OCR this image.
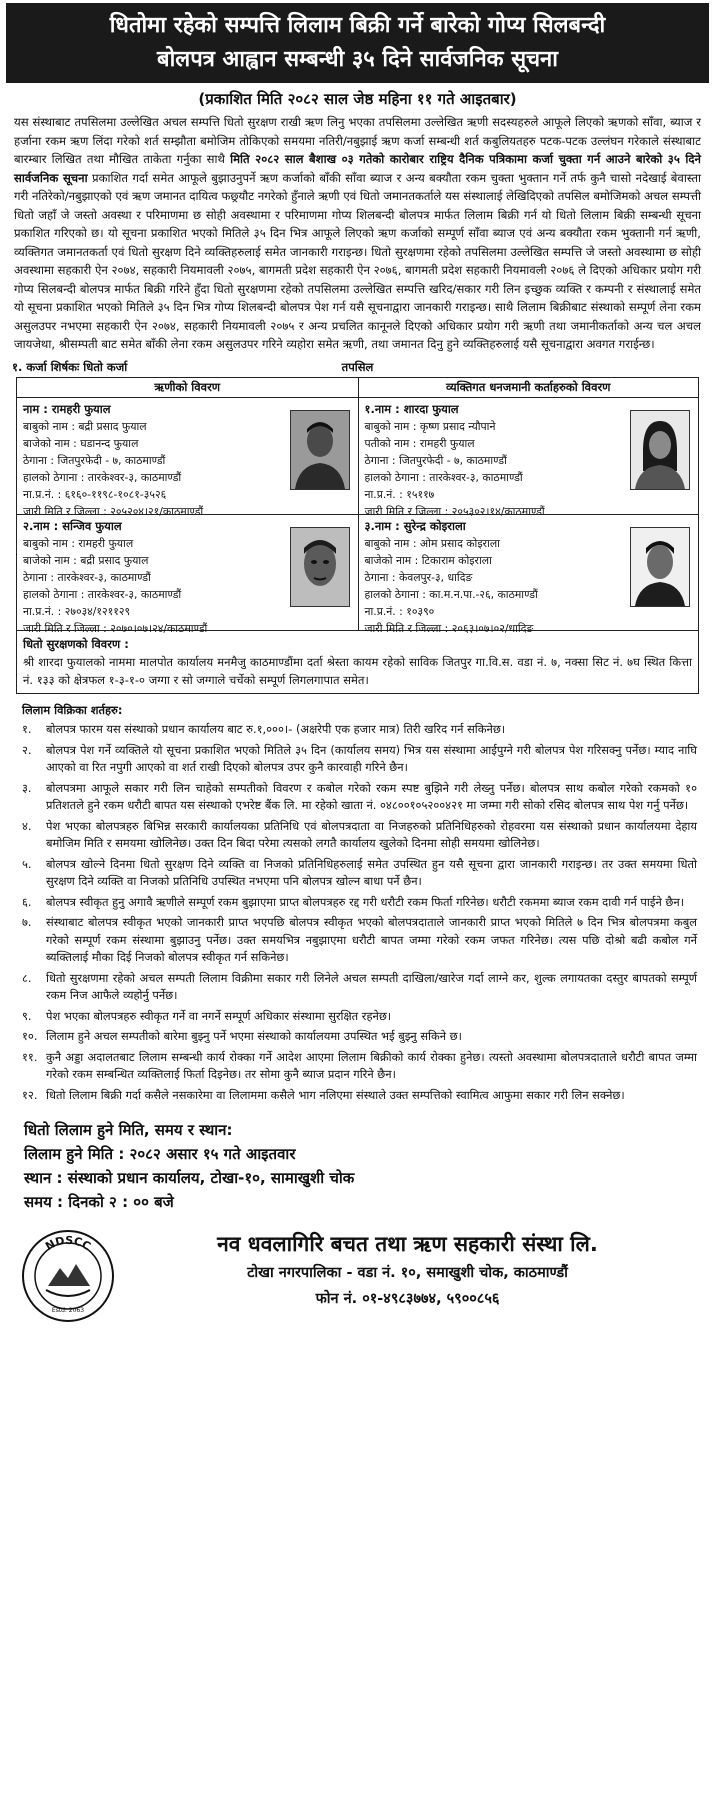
धितोमा रहेको सम्पत्ति लिलाम बिक्री गर्ने बारेको गोप्य सिलबन्दी
बोलपत्र आह्वान सम्बन्धी ३५ दिने सार्वजनिक सूचना
(प्रकाशित मिति २०८२ साल जेष्ठ महिना ११ गते आइतबार)
यस संस्थाबाट तपसिलमा उल्लेखित अचल सम्पत्ति धितो सुरक्षण राखी ऋण लिनु भएका तपसिलमा उल्लेखित ऋणी सदस्यहरुले आफूले लिएको ऋणको साँवा, ब्याज र हर्जाना रकम ऋण लिंदा गरेको शर्त सम्झौता बमोजिम तोकिएको समयमा नतिरी/नबुझाई ऋण कर्जा सम्बन्धी शर्त कबुलियतहरु पटक-पटक उल्लंघन गरेकाले संस्थाबाट बारम्बार लिखित तथा मौखित ताकेता गर्नुका साथै मिति २०८२ साल बैशाख ०३ गतेको कारोबार राष्ट्रिय दैनिक पत्रिकामा कर्जा चुक्ता गर्न आउने बारेको ३५ दिने सार्वजनिक सूचना प्रकाशित गर्दा समेत आफूले बुझाउनुपर्ने ऋण कर्जाको बाँकी साँवा ब्याज र अन्य बक्यौता रकम चुक्ता भुक्तान गर्ने तर्फ कुनै चासो नदेखाई बेवास्ता गरी नतिरेको/नबुझाएको एवं ऋण जमानत दायित्व फछ्र्यौट नगरेको हुँनाले ऋणी एवं धितो जमानतकर्ताले यस संस्थालाई लेखिदिएको तपसिल बमोजिमको अचल सम्पत्ती धितो जहाँ जे जस्तो अवस्था र परिमाणमा छ सोही अवस्थामा र परिमाणमा गोप्य शिलबन्दी बोलपत्र मार्फत लिलाम बिक्री गर्न यो धितो लिलाम बिक्री सम्बन्धी सूचना प्रकाशित गरिएको छ। यो सूचना प्रकाशित भएको मितिले ३५ दिन भित्र आफूले लिएको ऋण कर्जाको सम्पूर्ण साँवा ब्याज एवं अन्य बक्यौता रकम भुक्तानी गर्न ऋणी, व्यक्तिगत जमानतकर्ता एवं धितो सुरक्षण दिने व्यक्तिहरुलाई समेत जानकारी गराइन्छ। धितो सुरक्षणमा रहेको तपसिलमा उल्लेखित सम्पत्ति जे जस्तो अवस्थामा छ सोही अवस्थामा सहकारी ऐन २०७४, सहकारी नियमावली २०७५, बागमती प्रदेश सहकारी ऐन २०७६, बागमती प्रदेश सहकारी नियमावली २०७६ ले दिएको अधिकार प्रयोग गरी गोप्य सिलबन्दी बोलपत्र मार्फत बिक्री गरिने हुँदा धितो सुरक्षणमा रहेको तपसिलमा उल्लेखित सम्पत्ति खरिद/सकार गरी लिन इच्छुक व्यक्ति र कम्पनी र संस्थालाई समेत यो सूचना प्रकाशित भएको मितिले ३५ दिन भित्र गोप्य शिलबन्दी बोलपत्र पेश गर्न यसै सूचनाद्वारा जानकारी गराइन्छ। साथै लिलाम बिक्रीबाट संस्थाको सम्पूर्ण लेना रकम असुलउपर नभएमा सहकारी ऐन २०७४, सहकारी नियमावली २०७५ र अन्य प्रचलित कानूनले दिएको अधिकार प्रयोग गरी ऋणी तथा जमानीकर्ताको अन्य चल अचल जायजेथा, श्रीसम्पती बाट समेत बाँकी लेना रकम असुलउपर गरिने व्यहोरा समेत ऋणी, तथा जमानत दिनु हुने व्यक्तिहरुलाई यसै सूचनाद्वारा अवगत गराईन्छ।
१. कर्जा शिर्षकः धितो कर्जा	तपसिल
ऋणीको विवरण	व्यक्तिगत धनजमानी कर्ताहरुको विवरण
नाम : रामहरी फुयाल
बाबुको नाम : बद्री प्रसाद फुयाल
बाजेको नाम : घडानन्द फुयाल
ठेगाना : जितपुरफेदी - ७, काठमाण्डौं
हालको ठेगाना : तारकेश्वर-३, काठमाण्डौं
ना.प्र.नं. : ६१६०-११९८-१०८१-३५२६
जारी मिति र जिल्ला : २०५२०४।२१/काठमाण्डौं
१.नाम : शारदा फुयाल
बाबुको नाम : कृष्ण प्रसाद न्यौपाने
पतीको नाम : रामहरी फुयाल
ठेगाना : जितपुरफेदी - ७, काठमाण्डौं
हालको ठेगाना : तारकेश्वर-३, काठमाण्डौं
ना.प्र.नं. : १५११७
जारी मिति र जिल्ला : २०५३०२।१४/काठमाण्डौं
२.नाम : सन्जिव फुयाल
बाबुको नाम : रामहरी फुयाल
बाजेको नाम : बद्री प्रसाद फुयाल
ठेगाना : तारकेश्वर-३, काठमाण्डौं
हालको ठेगाना : तारकेश्वर-३, काठमाण्डौं
ना.प्र.नं. : २७०३४/१२११२९
जारी मिति र जिल्ला : २०७०।०७।२४/काठमाण्डौं
३.नाम : सुरेन्द्र कोइराला
बाबुको नाम : ओम प्रसाद कोइराला
बाजेको नाम : टिकाराम कोइराला
ठेगाना : केवलपुर-३, धादिङ
हालको ठेगाना : का.म.न.पा.-२६, काठमाण्डौं
ना.प्र.नं. : १०३९०
जारी मिति र जिल्ला : २०६३।०७।०२/धादिङ
धितो सुरक्षणको विवरण :
श्री शारदा फुयालको नाममा मालपोत कार्यालय मनमैजु काठमाण्डौंमा दर्ता श्रेस्ता कायम रहेको साविक जितपुर गा.वि.स. वडा नं. ७, नक्सा सिट नं. ७घ स्थित कित्ता नं. १३३ को क्षेत्रफल १-३-१-० जग्गा र सो जग्गाले चर्चेको सम्पूर्ण लिगलगापात समेत।
लिलाम विक्रिका शर्तहरु:
१.	बोलपत्र फारम यस संस्थाको प्रधान कार्यालय बाट रु.१,०००।- (अक्षरेपी एक हजार मात्र) तिरी खरिद गर्न सकिनेछ।
२.	बोलपत्र पेश गर्ने व्यक्तिले यो सूचना प्रकाशित भएको मितिले ३५ दिन (कार्यालय समय) भित्र यस संस्थामा आईपुग्ने गरी बोलपत्र पेश गरिसक्नु पर्नेछ। म्याद नाघि आएको वा रित नपुगी आएको वा शर्त राखी दिएको बोलपत्र उपर कुनै कारवाही गरिने छैन।
३.	बोलपत्रमा आफूले सकार गरी लिन चाहेको सम्पतीको विवरण र कबोल गरेको रकम स्पष्ट बुझिने गरी लेख्नु पर्नेछ। बोलपत्र साथ कबोल गरेको रकमको १० प्रतिशतले हुने रकम धरौटी बापत यस संस्थाको एभरेष्ट बैंक लि. मा रहेको खाता नं. ०४८००१०५२००४२१ मा जम्मा गरी सोको रसिद बोलपत्र साथ पेश गर्नु पर्नेछ।
४.	पेश भएका बोलपत्रहरु बिभिन्न सरकारी कार्यालयका प्रतिनिधि एवं बोलपत्रदाता वा निजहरुको प्रतिनिधिहरुको रोहवरमा यस संस्थाको प्रधान कार्यालयमा देहाय बमोजिम मिति र समयमा खोलिनेछ। उक्त दिन बिदा परेमा त्यसको लगतै कार्यालय खुलेको दिनमा सोही समयमा खोलिनेछ।
५.	बोलपत्र खोल्ने दिनमा धितो सुरक्षण दिने व्यक्ति वा निजको प्रतिनिधिहरुलाई समेत उपस्थित हुन यसै सूचना द्वारा जानकारी गराइन्छ। तर उक्त समयमा धितो सुरक्षण दिने व्यक्ति वा निजको प्रतिनिधि उपस्थित नभएमा पनि बोलपत्र खोल्न बाधा पर्ने छैन।
६.	बोलपत्र स्वीकृत हुनु अगावै ऋणीले सम्पूर्ण रकम बुझाएमा प्राप्त बोलपत्रहरु रद्द गरी धरौटी रकम फिर्ता गरिनेछ। धरौटी रकममा ब्याज रकम दावी गर्न पाईने छैन।
७.	संस्थाबाट बोलपत्र स्वीकृत भएको जानकारी प्राप्त भएपछि बोलपत्र स्वीकृत भएको बोलपत्रदाताले जानकारी प्राप्त भएको मितिले ७ दिन भित्र बोलपत्रमा कबुल गरेको सम्पूर्ण रकम संस्थामा बुझाउनु पर्नेछ। उक्त समयभित्र नबुझाएमा धरौटी बापत जम्मा गरेको रकम जफत गरिनेछ। त्यस पछि दोश्रो बढी कबोल गर्ने ब्यक्तिलाई मौका दिई निजको बोलपत्र स्वीकृत गर्न सकिनेछ।
८.	धितो सुरक्षणमा रहेको अचल सम्पती लिलाम विक्रीमा सकार गरी लिनेले अचल सम्पती दाखिला/खारेज गर्दा लाग्ने कर, शुल्क लगायतका दस्तुर बापतको सम्पूर्ण रकम निज आफैले व्यहोर्नु पर्नेछ।
९.	पेश भएका बोलपत्रहरु स्वीकृत गर्ने वा नगर्ने सम्पूर्ण अधिकार संस्थामा सुरक्षित रहनेछ।
१०. लिलाम हुने अचल सम्पतीको बारेमा बुझ्नु पर्ने भएमा संस्थाको कार्यालयमा उपस्थित भई बुझ्नु सकिने छ।
११. कुनै अड्डा अदालतबाट लिलाम सम्बन्धी कार्य रोक्का गर्ने आदेश आएमा लिलाम बिक्रीको कार्य रोक्का हुनेछ। त्यस्तो अवस्थामा बोलपत्रदाताले धरौटी बापत जम्मा गरेको रकम सम्बन्धित व्यक्तिलाई फिर्ता दिइनेछ। तर सोमा कुनै ब्याज प्रदान गरिने छैन।
१२. धितो लिलाम बिक्री गर्दा कसैले नसकारेमा वा लिलाममा कसैले भाग नलिएमा संस्थाले उक्त सम्पत्तिको स्वामित्व आफुमा सकार गरी लिन सक्नेछ।
धितो लिलाम हुने मिति, समय र स्थान:
लिलाम हुने मिति : २०८२ असार १५ गते आइतवार
स्थान : संस्थाको प्रधान कार्यालय, टोखा-१०, सामाखुशी चोक
समय : दिनको २ : ०० बजे
NDSCC
Estd. 2063
नव धवलागिरि बचत तथा ऋण सहकारी संस्था लि.
टोखा नगरपालिका - वडा नं. १०, समाखुशी चोक, काठमाण्डौं
फोन नं. ०१-४९८३७७४, ५९००८५६
